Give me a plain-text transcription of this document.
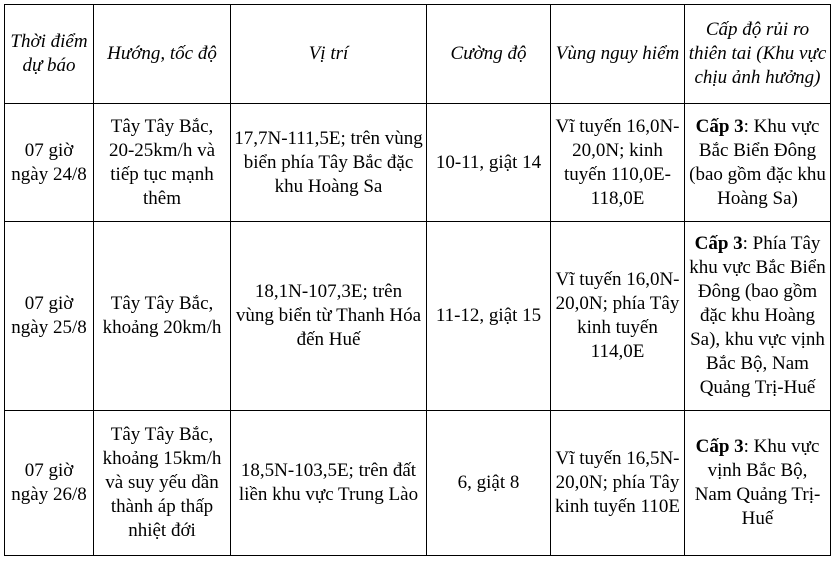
Thời điểm dự báo	Hướng, tốc độ	Vị trí	Cường độ	Vùng nguy hiểm	Cấp độ rủi ro thiên tai (Khu vực chịu ảnh hưởng)
07 giờ ngày 24/8	Tây Tây Bắc, 20-25km/h và tiếp tục mạnh thêm	17,7N-111,5E; trên vùng biển phía Tây Bắc đặc khu Hoàng Sa	10-11, giật 14	Vĩ tuyến 16,0N-20,0N; kinh tuyến 110,0E-118,0E	Cấp 3: Khu vực Bắc Biển Đông (bao gồm đặc khu Hoàng Sa)
07 giờ ngày 25/8	Tây Tây Bắc, khoảng 20km/h	18,1N-107,3E; trên vùng biển từ Thanh Hóa đến Huế	11-12, giật 15	Vĩ tuyến 16,0N-20,0N; phía Tây kinh tuyến 114,0E	Cấp 3: Phía Tây khu vực Bắc Biển Đông (bao gồm đặc khu Hoàng Sa), khu vực vịnh Bắc Bộ, Nam Quảng Trị-Huế
07 giờ ngày 26/8	Tây Tây Bắc, khoảng 15km/h và suy yếu dần thành áp thấp nhiệt đới	18,5N-103,5E; trên đất liền khu vực Trung Lào	6, giật 8	Vĩ tuyến 16,5N-20,0N; phía Tây kinh tuyến 110E	Cấp 3: Khu vực vịnh Bắc Bộ, Nam Quảng Trị-Huế
